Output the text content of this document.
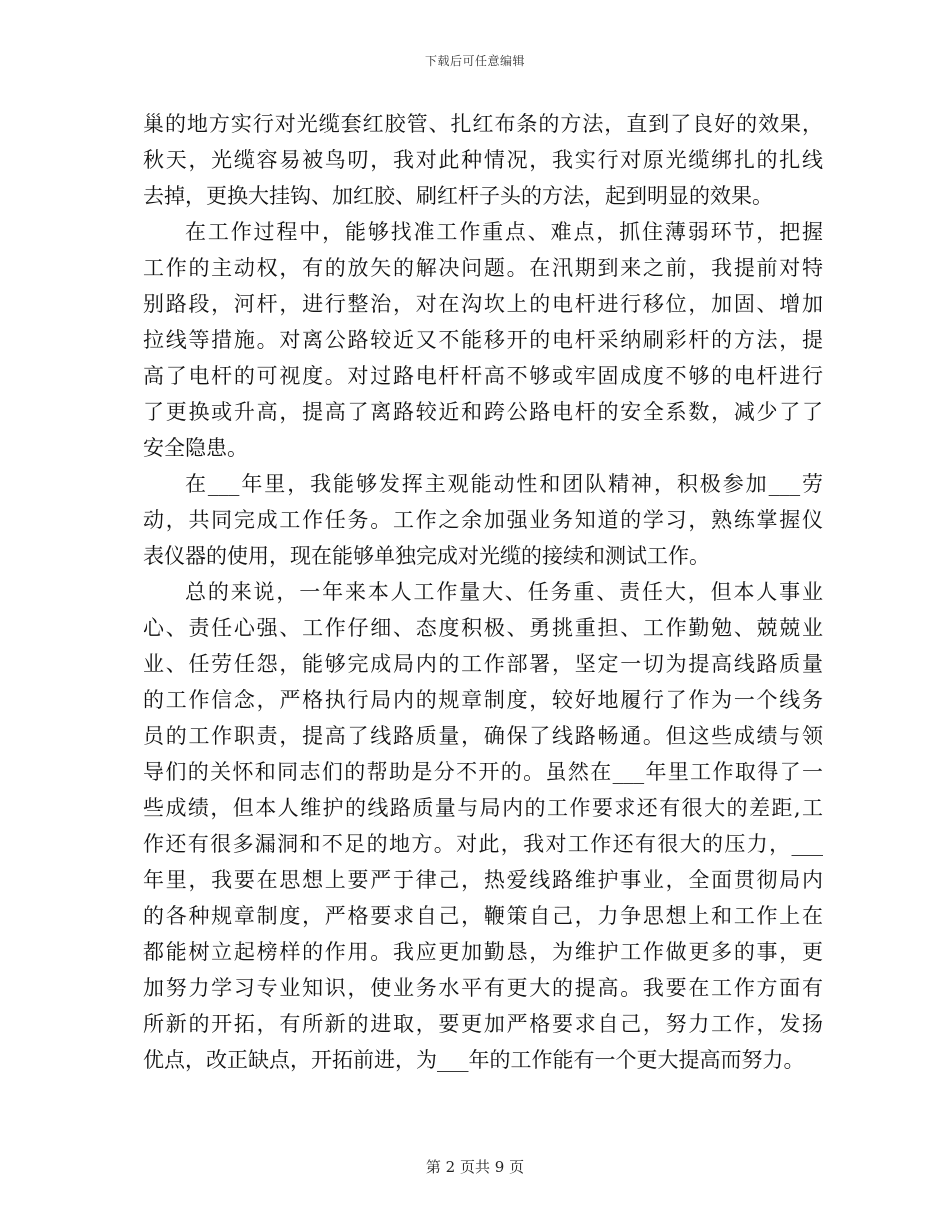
下载后可任意编辑
巢的地方实行对光缆套红胶管、扎红布条的方法，直到了良好的效果，
秋天，光缆容易被鸟叨，我对此种情况，我实行对原光缆绑扎的扎线
去掉，更换大挂钩、加红胶、刷红杆子头的方法，起到明显的效果。
在工作过程中，能够找准工作重点、难点，抓住薄弱环节，把握
工作的主动权，有的放矢的解决问题。在汛期到来之前，我提前对特
别路段，河杆，进行整治，对在沟坎上的电杆进行移位，加固、增加
拉线等措施。对离公路较近又不能移开的电杆采纳刷彩杆的方法，提
高了电杆的可视度。对过路电杆杆高不够或牢固成度不够的电杆进行
了更换或升高，提高了离路较近和跨公路电杆的安全系数，减少了了
安全隐患。
在___年里，我能够发挥主观能动性和团队精神，积极参加___劳
动，共同完成工作任务。工作之余加强业务知道的学习，熟练掌握仪
表仪器的使用，现在能够单独完成对光缆的接续和测试工作。
总的来说，一年来本人工作量大、任务重、责任大，但本人事业
心、责任心强、工作仔细、态度积极、勇挑重担、工作勤勉、兢兢业
业、任劳任怨，能够完成局内的工作部署，坚定一切为提高线路质量
的工作信念，严格执行局内的规章制度，较好地履行了作为一个线务
员的工作职责，提高了线路质量，确保了线路畅通。但这些成绩与领
导们的关怀和同志们的帮助是分不开的。虽然在___年里工作取得了一
些成绩，但本人维护的线路质量与局内的工作要求还有很大的差距,工
作还有很多漏洞和不足的地方。对此，我对工作还有很大的压力，___
年里，我要在思想上要严于律己，热爱线路维护事业，全面贯彻局内
的各种规章制度，严格要求自己，鞭策自己，力争思想上和工作上在
都能树立起榜样的作用。我应更加勤恳，为维护工作做更多的事，更
加努力学习专业知识，使业务水平有更大的提高。我要在工作方面有
所新的开拓，有所新的进取，要更加严格要求自己，努力工作，发扬
优点，改正缺点，开拓前进，为___年的工作能有一个更大提高而努力。
第 2 页共 9 页
